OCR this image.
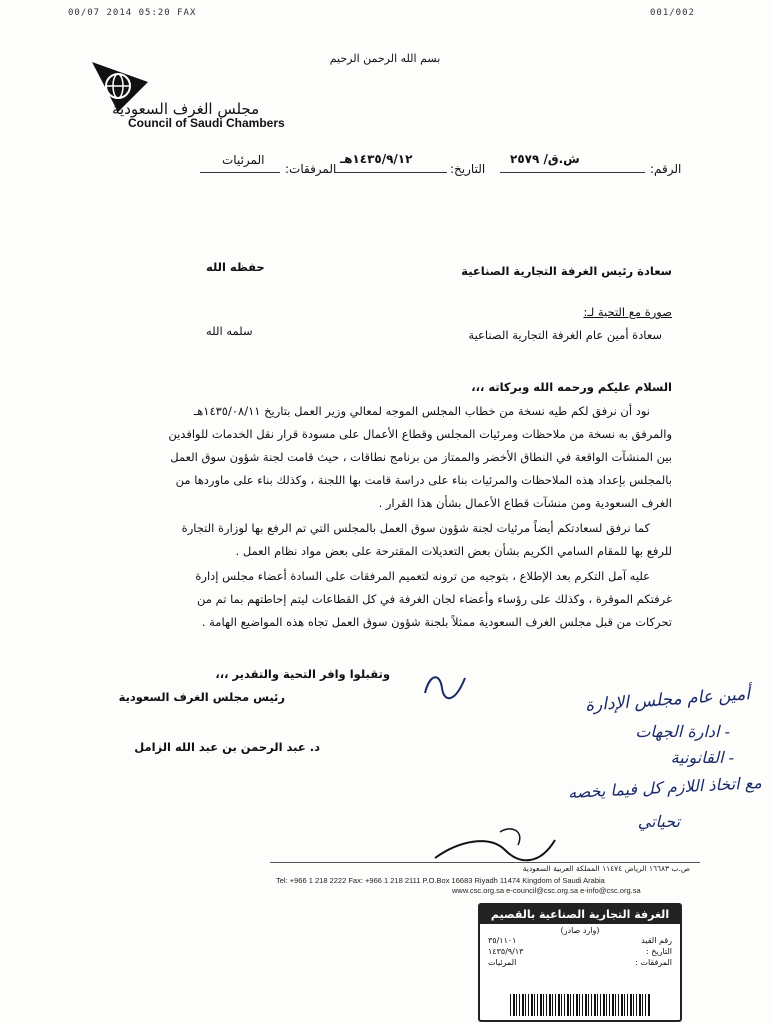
00/07 2014 05:20 FAX	001/002
بسم الله الرحمن الرحيم
مجلس الغرف السعودية
Council of Saudi Chambers
الرقم:
ش.ق/ ٢٥٧٩
التاريخ:
١٤٣٥/٩/١٢هـ
المرفقات:
المرئيات
سعادة رئيس الغرفة التجارية الصناعية
حفظه الله
صورة مع التحية لـ:
سعادة أمين عام الغرفة التجارية الصناعية
سلمه الله
السلام عليكم ورحمه الله وبركاته ،،،
نود أن نرفق لكم طيه نسخة من خطاب المجلس الموجه لمعالي وزير العمل بتاريخ ١٤٣٥/٠٨/١١هـ
والمرفق به نسخة من ملاحظات ومرئيات المجلس وقطاع الأعمال على مسودة قرار نقل الخدمات للوافدين
بين المنشآت الواقعة في النطاق الأخضر والممتاز من برنامج نطاقات ، حيث قامت لجنة شؤون سوق العمل
بالمجلس بإعداد هذه الملاحظات والمرئيات بناء على دراسة قامت بها اللجنة ، وكذلك بناء على ماوردها من
الغرف السعودية ومن منشآت قطاع الأعمال بشأن هذا القرار .
كما نرفق لسعادتكم أيضاً مرئيات لجنة شؤون سوق العمل بالمجلس التي تم الرفع بها لوزارة التجارة
للرفع بها للمقام السامي الكريم بشأن بعض التعديلات المقترحة على بعض مواد نظام العمل .
عليه آمل التكرم بعد الإطلاع ، بتوجيه من ترونه لتعميم المرفقات على السادة أعضاء مجلس إدارة
غرفتكم الموقرة ، وكذلك على رؤساء وأعضاء لجان الغرفة في كل القطاعات ليتم إحاطتهم بما تم من
تحركات من قبل مجلس الغرف السعودية ممثلاً بلجنة شؤون سوق العمل تجاه هذه المواضيع الهامة .
وتقبلوا وافر التحية والتقدير ،،،
رئيس مجلس الغرف السعودية
د. عبد الرحمن بن عبد الله الزامل
أمين عام مجلس الإدارة
- ادارة الجهات
- القانونية
مع اتخاذ اللازم كل فيما يخصه
تحياتي
ص.ب ١٦٦٨٣ الرياض ١١٤٧٤ المملكة العربية السعودية
Tel: +966 1 218 2222 Fax: +966 1 218 2111 P.O.Box 16683 Riyadh 11474 Kingdom of Saudi Arabia
www.csc.org.sa e-council@csc.org.sa e-info@csc.org.sa
الغرفة التجارية الصناعية بالقصيم
(وارد صادر)
رقم القيد
٣٥/١١٠١
التاريخ :
١٤٣٥/٩/١٣
المرفقات :
المرئيات
